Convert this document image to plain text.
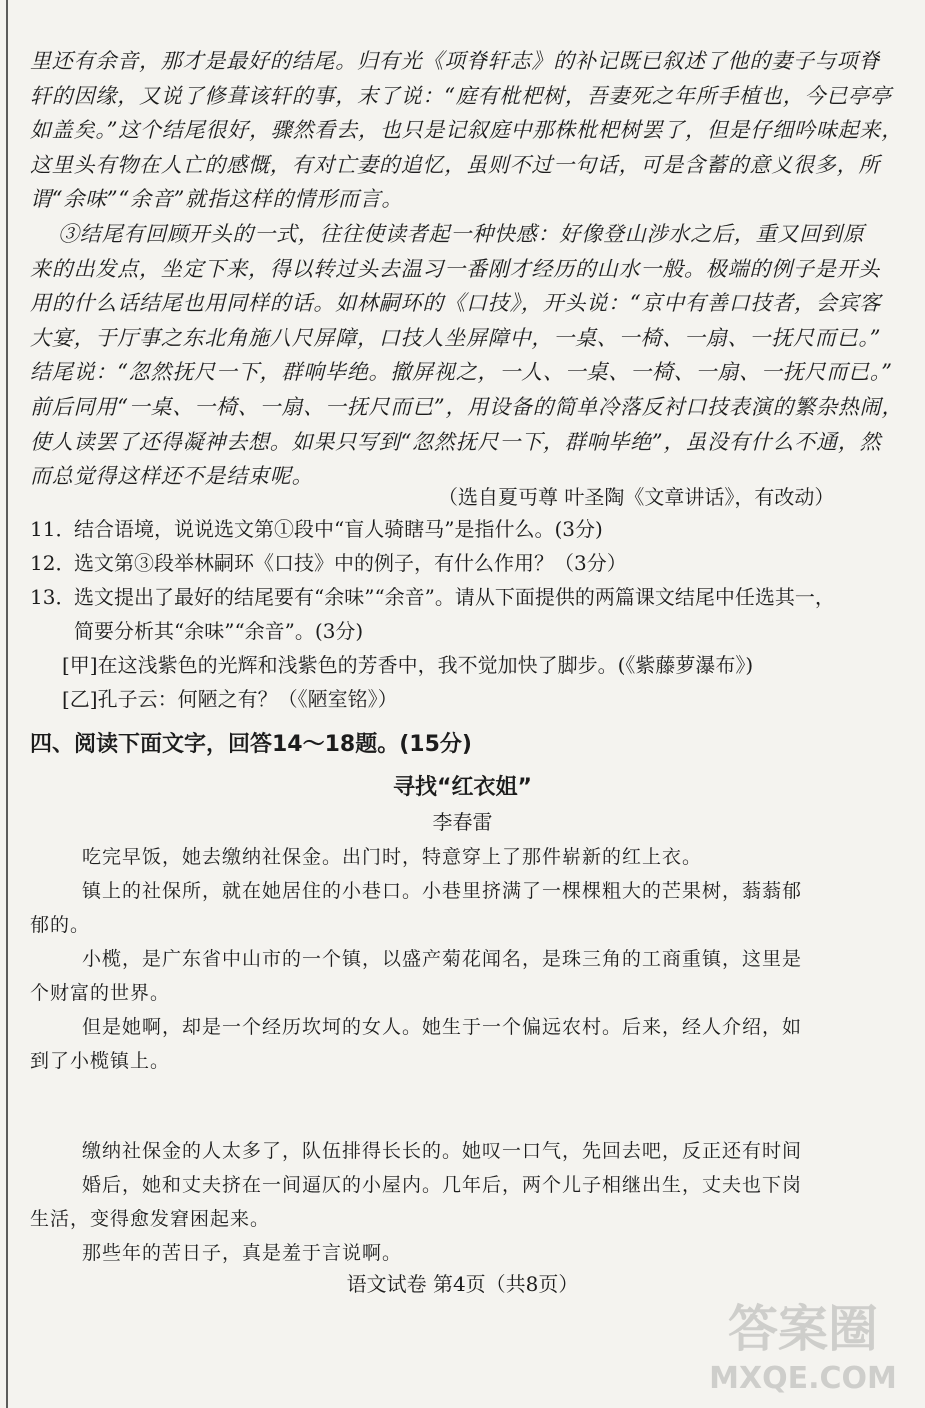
里还有余音，那才是最好的结尾。归有光《项脊轩志》的补记既已叙述了他的妻子与项脊
轩的因缘，又说了修葺该轩的事，末了说：“庭有枇杷树，吾妻死之年所手植也，今已亭亭
如盖矣。”这个结尾很好，骤然看去，也只是记叙庭中那株枇杷树罢了，但是仔细吟味起来，
这里头有物在人亡的感慨，有对亡妻的追忆，虽则不过一句话，可是含蓄的意义很多，所
谓“余味”“余音”就指这样的情形而言。
③结尾有回顾开头的一式，往往使读者起一种快感：好像登山涉水之后，重又回到原
来的出发点，坐定下来，得以转过头去温习一番刚才经历的山水一般。极端的例子是开头
用的什么话结尾也用同样的话。如林嗣环的《口技》，开头说：“京中有善口技者，会宾客
大宴，于厅事之东北角施八尺屏障，口技人坐屏障中，一桌、一椅、一扇、一抚尺而已。”
结尾说：“忽然抚尺一下，群响毕绝。撤屏视之，一人、一桌、一椅、一扇、一抚尺而已。”
前后同用“一桌、一椅、一扇、一抚尺而已”，用设备的简单冷落反衬口技表演的繁杂热闹，
使人读罢了还得凝神去想。如果只写到“忽然抚尺一下，群响毕绝”，虽没有什么不通，然
而总觉得这样还不是结束呢。
（选自夏丏尊 叶圣陶《文章讲话》，有改动）
11．结合语境，说说选文第①段中“盲人骑瞎马”是指什么。(3分)
12．选文第③段举林嗣环《口技》中的例子，有什么作用？（3分）
13．选文提出了最好的结尾要有“余味”“余音”。请从下面提供的两篇课文结尾中任选其一，
简要分析其“余味”“余音”。(3分)
[甲]在这浅紫色的光辉和浅紫色的芳香中，我不觉加快了脚步。(《紫藤萝瀑布》)
[乙]孔子云：何陋之有？（《陋室铭》）
四、阅读下面文字，回答14～18题。(15分)
寻找“红衣姐”
李春雷
吃完早饭，她去缴纳社保金。出门时，特意穿上了那件崭新的红上衣。
镇上的社保所，就在她居住的小巷口。小巷里挤满了一棵棵粗大的芒果树，蓊蓊郁
郁的。
小榄，是广东省中山市的一个镇，以盛产菊花闻名，是珠三角的工商重镇，这里是
个财富的世界。
但是她啊，却是一个经历坎坷的女人。她生于一个偏远农村。后来，经人介绍，如
到了小榄镇上。
缴纳社保金的人太多了，队伍排得长长的。她叹一口气，先回去吧，反正还有时间
婚后，她和丈夫挤在一间逼仄的小屋内。几年后，两个儿子相继出生，丈夫也下岗
生活，变得愈发窘困起来。
那些年的苦日子，真是羞于言说啊。
语文试卷 第4页（共8页）
答案圈
MXQE.COM
